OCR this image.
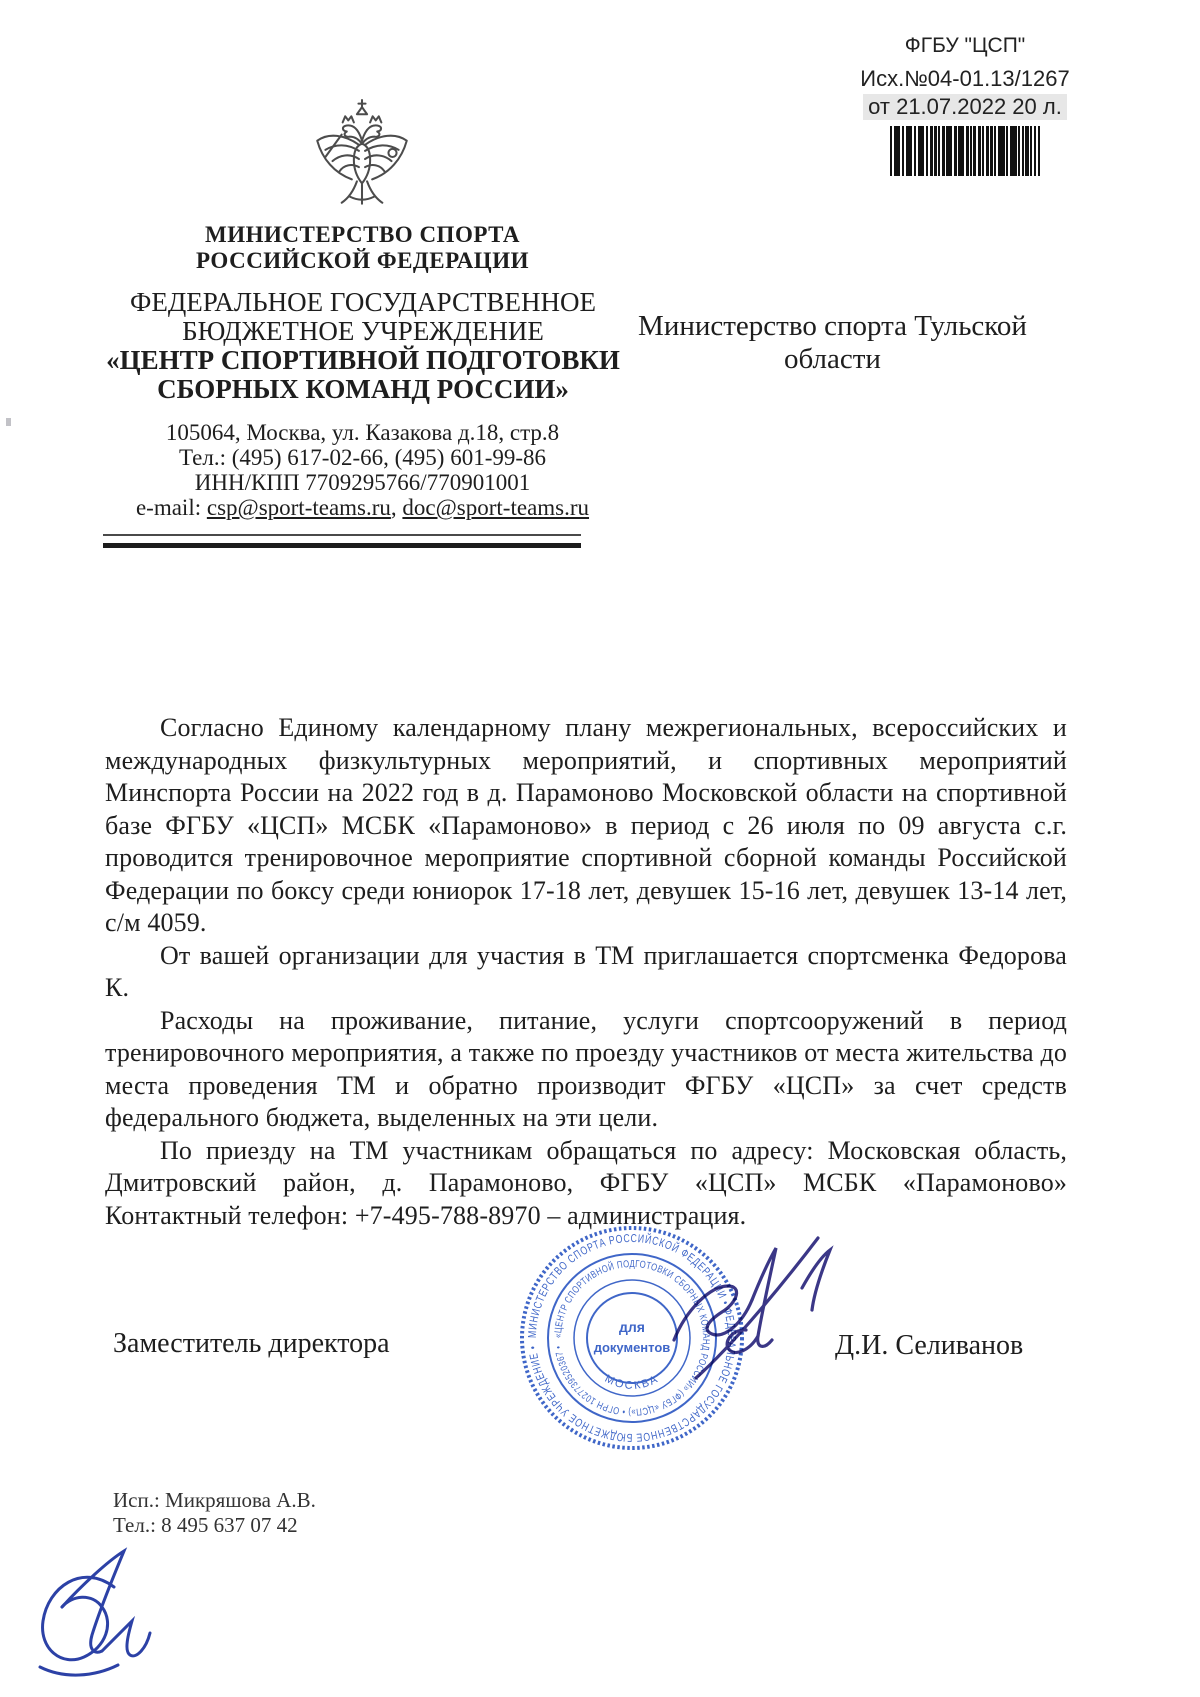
ФГБУ "ЦСП"
Исх.№04-01.13/1267
от 21.07.2022 20 л.
МИНИСТЕРСТВО СПОРТА
РОССИЙСКОЙ ФЕДЕРАЦИИ
ФЕДЕРАЛЬНОЕ ГОСУДАРСТВЕННОЕ
БЮДЖЕТНОЕ УЧРЕЖДЕНИЕ
«ЦЕНТР СПОРТИВНОЙ ПОДГОТОВКИ
СБОРНЫХ КОМАНД РОССИИ»
105064, Москва, ул. Казакова д.18, стр.8
Тел.: (495) 617-02-66, (495) 601-99-86
ИНН/КПП 7709295766/770901001
e-mail: csp@sport-teams.ru, doc@sport-teams.ru
Министерство спорта Тульской области

Согласно Единому календарному плану межрегиональных, всероссийских и международных физкультурных мероприятий, и спортивных мероприятий Минспорта России на 2022 год в д. Парамоново Московской области на спортивной базе ФГБУ «ЦСП» МСБК «Парамоново» в период с 26 июля по 09 августа с.г. проводится тренировочное мероприятие спортивной сборной команды Российской Федерации по боксу среди юниорок 17-18 лет, девушек 15-16 лет, девушек 13-14 лет, с/м 4059.

От вашей организации для участия в ТМ приглашается спортсменка Федорова К.

Расходы на проживание, питание, услуги спортсооружений в период тренировочного мероприятия, а также по проезду участников от места жительства до места проведения ТМ и обратно производит ФГБУ «ЦСП» за счет средств федерального бюджета, выделенных на эти цели.

По приезду на ТМ участникам обращаться по адресу: Московская область, Дмитровский район, д. Парамоново, ФГБУ «ЦСП» МСБК «Парамоново» Контактный телефон: +7-495-788-8970 – администрация.

Заместитель директора	Д.И. Селиванов
МИНИСТЕРСТВО СПОРТА РОССИЙСКОЙ ФЕДЕРАЦИИ • ФЕДЕРАЛЬНОЕ ГОСУДАРСТВЕННОЕ БЮДЖЕТНОЕ УЧРЕЖДЕНИЕ •
«ЦЕНТР СПОРТИВНОЙ ПОДГОТОВКИ СБОРНЫХ КОМАНД РОССИИ» (ФГБУ «ЦСП») • ОГРН 1027739520367 •
МОСКВА
для
документов
Исп.: Микряшова А.В.
Тел.: 8 495 637 07 42
